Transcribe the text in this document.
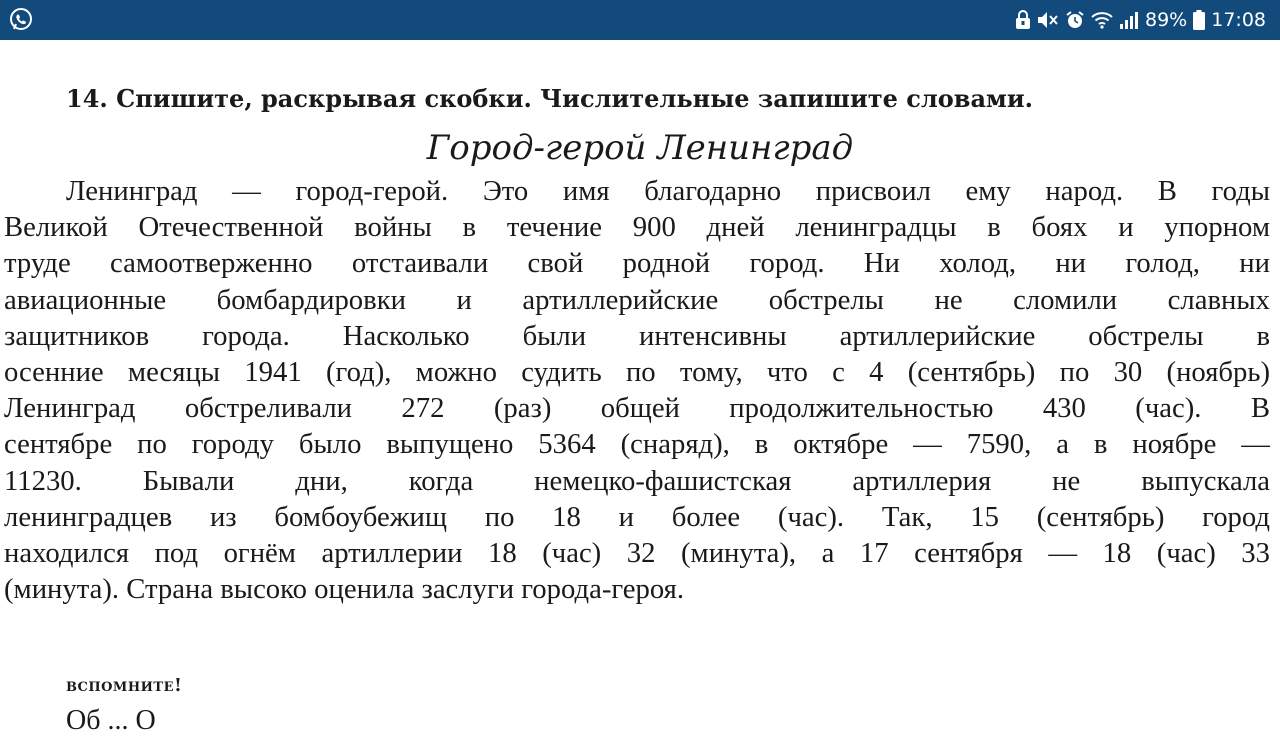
89% 17:08
14. Спишите, раскрывая скобки. Числительные запишите словами.
Город-герой Ленинград
Ленинград — город-герой. Это имя благодарно присвоил ему народ. В годы
Великой Отечественной войны в течение 900 дней ленинградцы в боях и упорном
труде самоотверженно отстаивали свой родной город. Ни холод, ни голод, ни
авиационные бомбардировки и артиллерийские обстрелы не сломили славных
защитников города. Насколько были интенсивны артиллерийские обстрелы в
осенние месяцы 1941 (год), можно судить по тому, что с 4 (сентябрь) по 30 (ноябрь)
Ленинград обстреливали 272 (раз) общей продолжительностью 430 (час). В
сентябре по городу было выпущено 5364 (снаряд), в октябре — 7590, а в ноябре —
11230. Бывали дни, когда немецко-фашистская артиллерия не выпускала
ленинградцев из бомбоубежищ по 18 и более (час). Так, 15 (сентябрь) город
находился под огнём артиллерии 18 (час) 32 (минута), а 17 сентября — 18 (час) 33
(минута). Страна высоко оценила заслуги города-героя.
вспомните!
Об ... О
